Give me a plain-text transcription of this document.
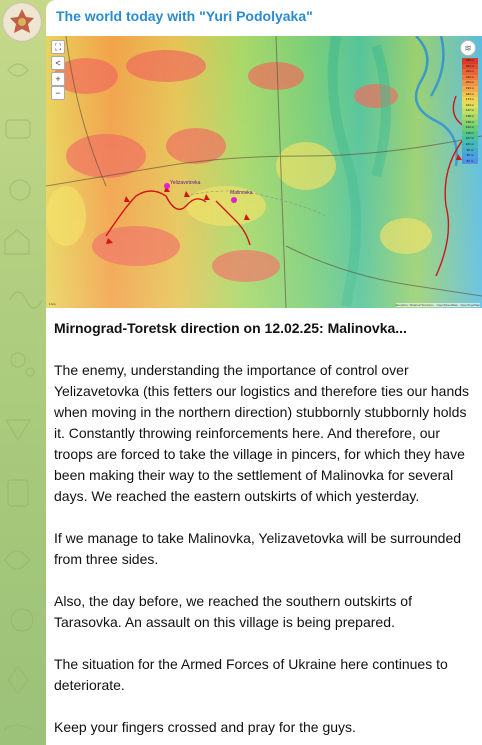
The world today with "Yuri Podolyaka"
Yelizavetovka
Malinovka
⛶
<
+
−
≋
245 m
234 m
223 m
212 m
203 m
193 m
183 m
174 m
164 m
147 m
138 m
130 m
122 m
115 m
107 m
101 m
96 m
90 m
84 m
1 km	Elevation: Mapbox/Terrarium · OpenStreetMap · OpenTopoMap
Mirnograd-Toretsk direction on 12.02.25: Malinovka...

The enemy, understanding the importance of control over Yelizavetovka (this fetters our logistics and therefore ties our hands when moving in the northern direction) stubbornly stubbornly holds it. Constantly throwing reinforcements here. And therefore, our troops are forced to take the village in pincers, for which they have been making their way to the settlement of Malinovka for several days. We reached the eastern outskirts of which yesterday.

If we manage to take Malinovka, Yelizavetovka will be surrounded from three sides.

Also, the day before, we reached the southern outskirts of Tarasovka. An assault on this village is being prepared.

The situation for the Armed Forces of Ukraine here continues to deteriorate.

Keep your fingers crossed and pray for the guys.
